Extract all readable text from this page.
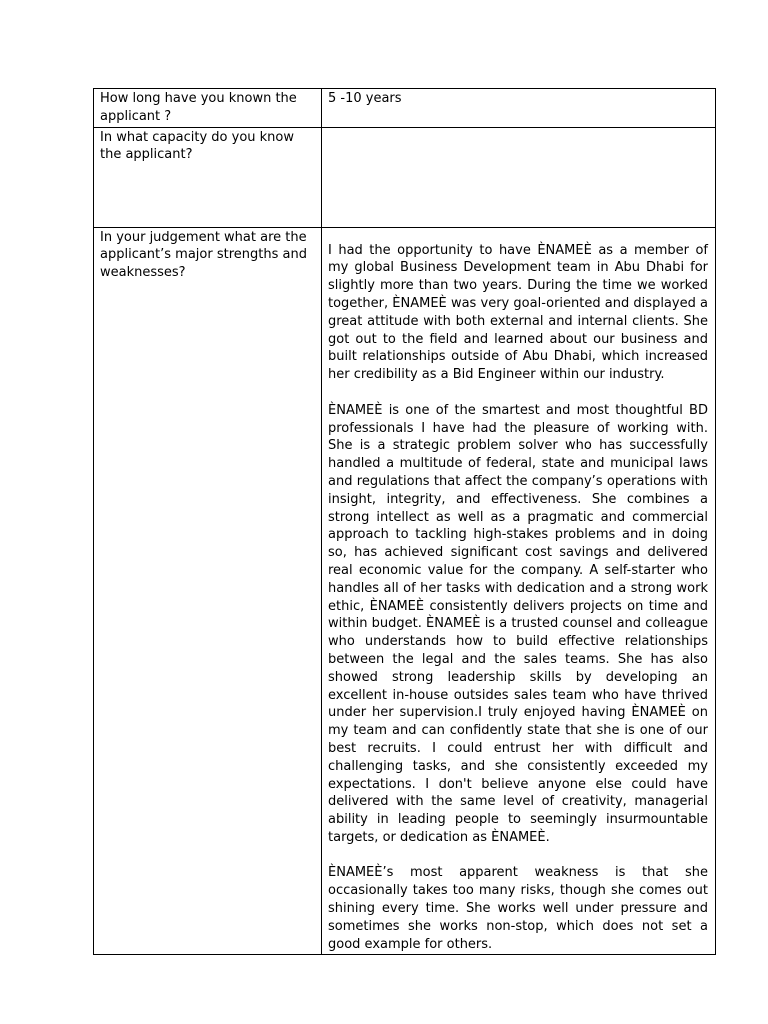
How long have you known the applicant ?	5 -10 years
In what capacity do you know the applicant?	
In your judgement what are the applicant’s major strengths and weaknesses?	I had the opportunity to have ÈNAMEÈ as a member of my global Business Development team in Abu Dhabi for slightly more than two years. During the time we worked together, ÈNAMEÈ was very goal-oriented and displayed a great attitude with both external and internal clients. She got out to the field and learned about our business and built relationships outside of Abu Dhabi, which increased her credibility as a Bid Engineer within our industry.

ÈNAMEÈ is one of the smartest and most thoughtful BD professionals I have had the pleasure of working with. She is a strategic problem solver who has successfully handled a multitude of federal, state and municipal laws and regulations that affect the company’s operations with insight, integrity, and effectiveness. She combines a strong intellect as well as a pragmatic and commercial approach to tackling high-stakes problems and in doing so, has achieved significant cost savings and delivered real economic value for the company. A self-starter who handles all of her tasks with dedication and a strong work ethic, ÈNAMEÈ consistently delivers projects on time and within budget. ÈNAMEÈ is a trusted counsel and colleague who understands how to build effective relationships between the legal and the sales teams. She has also showed strong leadership skills by developing an excellent in-house outsides sales team who have thrived under her supervision.I truly enjoyed having ÈNAMEÈ on my team and can confidently state that she is one of our best recruits. I could entrust her with difficult and challenging tasks, and she consistently exceeded my expectations. I don't believe anyone else could have delivered with the same level of creativity, managerial ability in leading people to seemingly insurmountable targets, or dedication as ÈNAMEÈ.

ÈNAMEÈ’s most apparent weakness is that she occasionally takes too many risks, though she comes out shining every time. She works well under pressure and sometimes she works non-stop, which does not set a good example for others.
